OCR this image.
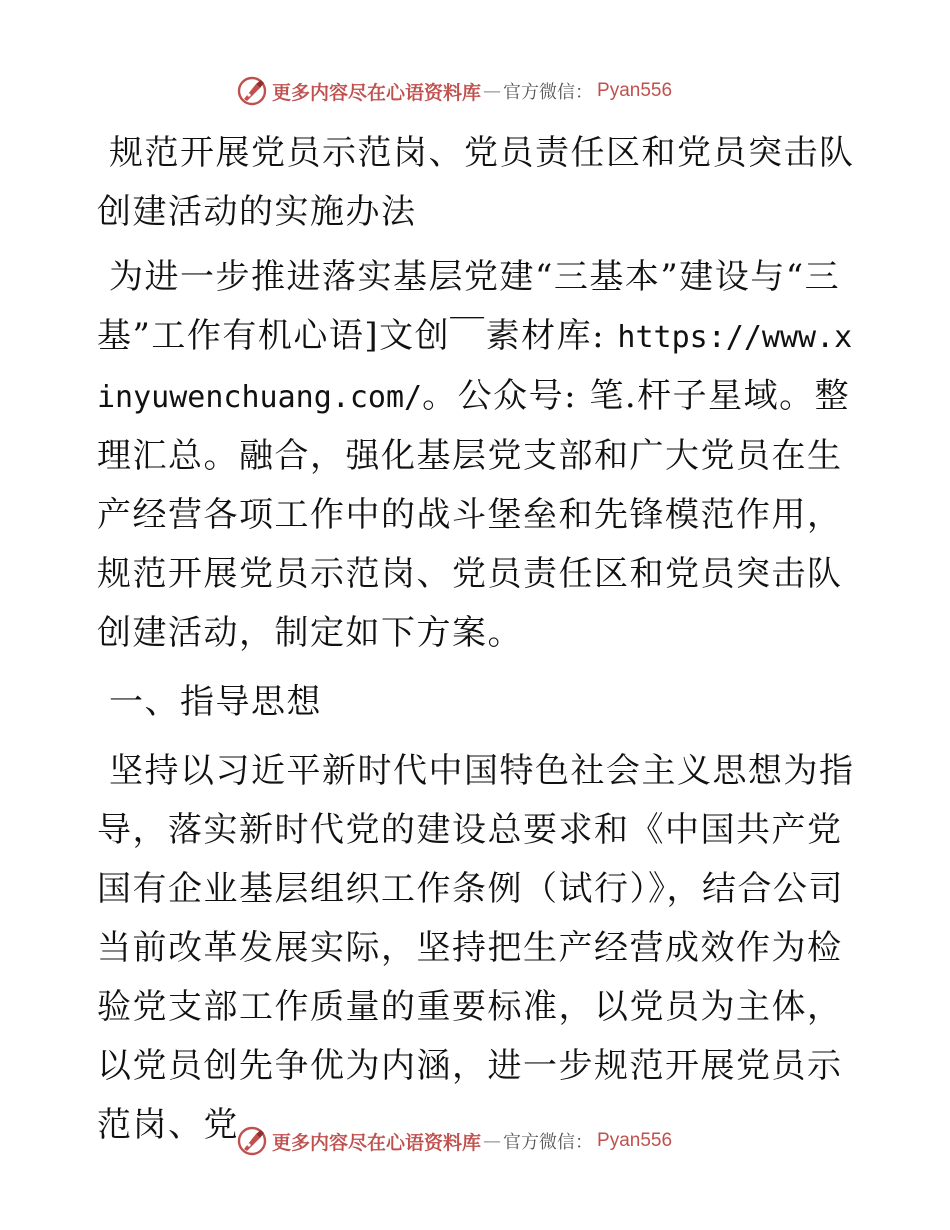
更多内容尽在心语资料库 — 官方微信： Pyan556

规范开展党员示范岗、党员责任区和党员突击队创建活动的实施办法

为进一步推进落实基层党建“三基本”建设与“三基”工作有机心语]文创￣素材库: https://www.xinyuwenchuang.com/。公众号: 笔.杆子星域。整理汇总。融合，强化基层党支部和广大党员在生产经营各项工作中的战斗堡垒和先锋模范作用，规范开展党员示范岗、党员责任区和党员突击队创建活动，制定如下方案。

一、指导思想

坚持以习近平新时代中国特色社会主义思想为指导，落实新时代党的建设总要求和《中国共产党国有企业基层组织工作条例（试行）》，结合公司当前改革发展实际，坚持把生产经营成效作为检验党支部工作质量的重要标准，以党员为主体，以党员创先争优为内涵，进一步规范开展党员示范岗、党	更多内容尽在心语资料库 — 官方微信： Pyan556
